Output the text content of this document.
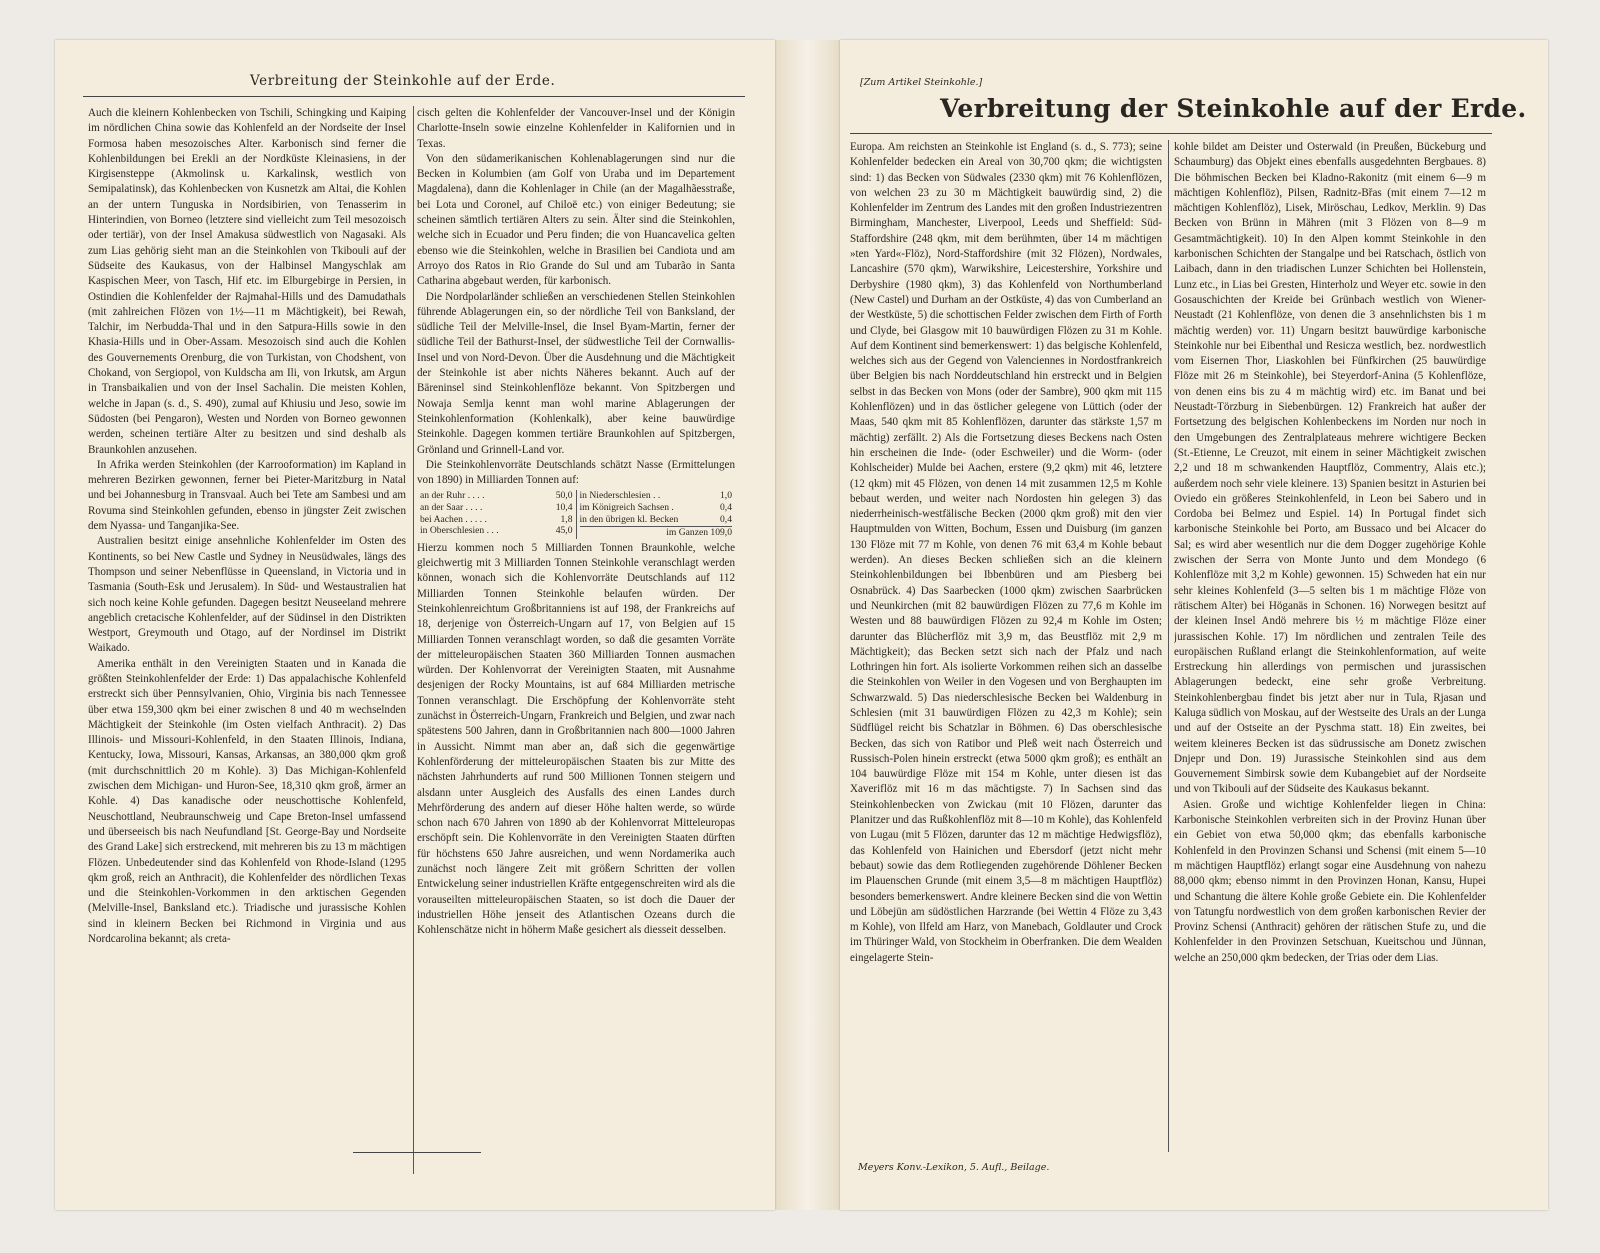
Verbreitung der Steinkohle auf der Erde.

Auch die kleinern Kohlenbecken von Tschili, Schingking und Kaiping im nördlichen China sowie das Kohlenfeld an der Nordseite der Insel Formosa haben mesozoisches Alter. Karbonisch sind ferner die Kohlenbildungen bei Erekli an der Nordküste Kleinasiens, in der Kirgisensteppe (Akmolinsk u. Karkalinsk, westlich von Semipalatinsk), das Kohlenbecken von Kusnetzk am Altai, die Kohlen an der untern Tunguska in Nordsibirien, von Tenasserim in Hinterindien, von Borneo (letztere sind vielleicht zum Teil mesozoisch oder tertiär), von der Insel Amakusa südwestlich von Nagasaki. Als zum Lias gehörig sieht man an die Steinkohlen von Tkibouli auf der Südseite des Kaukasus, von der Halbinsel Mangyschlak am Kaspischen Meer, von Tasch, Hif etc. im Elburgebirge in Persien, in Ostindien die Kohlenfelder der Rajmahal-Hills und des Damudathals (mit zahlreichen Flözen von 1½—11 m Mächtigkeit), bei Rewah, Talchir, im Nerbudda-Thal und in den Satpura-Hills sowie in den Khasia-Hills und in Ober-Assam. Mesozoisch sind auch die Kohlen des Gouvernements Orenburg, die von Turkistan, von Chodshent, von Chokand, von Sergiopol, von Kuldscha am Ili, von Irkutsk, am Argun in Transbaikalien und von der Insel Sachalin. Die meisten Kohlen, welche in Japan (s. d., S. 490), zumal auf Khiusiu und Jeso, sowie im Südosten (bei Pengaron), Westen und Norden von Borneo gewonnen werden, scheinen tertiäre Alter zu besitzen und sind deshalb als Braunkohlen anzusehen.

In Afrika werden Steinkohlen (der Karrooformation) im Kapland in mehreren Bezirken gewonnen, ferner bei Pieter-Maritzburg in Natal und bei Johannesburg in Transvaal. Auch bei Tete am Sambesi und am Rovuma sind Steinkohlen gefunden, ebenso in jüngster Zeit zwischen dem Nyassa- und Tanganjika-See.

Australien besitzt einige ansehnliche Kohlenfelder im Osten des Kontinents, so bei New Castle und Sydney in Neusüdwales, längs des Thompson und seiner Nebenflüsse in Queensland, in Victoria und in Tasmania (South-Esk und Jerusalem). In Süd- und Westaustralien hat sich noch keine Kohle gefunden. Dagegen besitzt Neuseeland mehrere angeblich cretacische Kohlenfelder, auf der Südinsel in den Distrikten Westport, Greymouth und Otago, auf der Nordinsel im Distrikt Waikado.

Amerika enthält in den Vereinigten Staaten und in Kanada die größten Steinkohlenfelder der Erde: 1) Das appalachische Kohlenfeld erstreckt sich über Pennsylvanien, Ohio, Virginia bis nach Tennessee über etwa 159,300 qkm bei einer zwischen 8 und 40 m wechselnden Mächtigkeit der Steinkohle (im Osten vielfach Anthracit). 2) Das Illinois- und Missouri-Kohlenfeld, in den Staaten Illinois, Indiana, Kentucky, Iowa, Missouri, Kansas, Arkansas, an 380,000 qkm groß (mit durchschnittlich 20 m Kohle). 3) Das Michigan-Kohlenfeld zwischen dem Michigan- und Huron-See, 18,310 qkm groß, ärmer an Kohle. 4) Das kanadische oder neuschottische Kohlenfeld, Neuschottland, Neubraunschweig und Cape Breton-Insel umfassend und überseeisch bis nach Neufundland [St. George-Bay und Nordseite des Grand Lake] sich erstreckend, mit mehreren bis zu 13 m mächtigen Flözen. Unbedeutender sind das Kohlenfeld von Rhode-Island (1295 qkm groß, reich an Anthracit), die Kohlenfelder des nördlichen Texas und die Steinkohlen-Vorkommen in den arktischen Gegenden (Melville-Insel, Banksland etc.). Triadische und jurassische Kohlen sind in kleinern Becken bei Richmond in Virginia und aus Nordcarolina bekannt; als creta-

cisch gelten die Kohlenfelder der Vancouver-Insel und der Königin Charlotte-Inseln sowie einzelne Kohlenfelder in Kalifornien und in Texas.

Von den südamerikanischen Kohlenablagerungen sind nur die Becken in Kolumbien (am Golf von Uraba und im Departement Magdalena), dann die Kohlenlager in Chile (an der Magalhãesstraße, bei Lota und Coronel, auf Chiloë etc.) von einiger Bedeutung; sie scheinen sämtlich tertiären Alters zu sein. Älter sind die Steinkohlen, welche sich in Ecuador und Peru finden; die von Huancavelica gelten ebenso wie die Steinkohlen, welche in Brasilien bei Candiota und am Arroyo dos Ratos in Rio Grande do Sul und am Tubarão in Santa Catharina abgebaut werden, für karbonisch.

Die Nordpolarländer schließen an verschiedenen Stellen Steinkohlen führende Ablagerungen ein, so der nördliche Teil von Banksland, der südliche Teil der Melville-Insel, die Insel Byam-Martin, ferner der südliche Teil der Bathurst-Insel, der südwestliche Teil der Cornwallis-Insel und von Nord-Devon. Über die Ausdehnung und die Mächtigkeit der Steinkohle ist aber nichts Näheres bekannt. Auch auf der Bäreninsel sind Steinkohlenflöze bekannt. Von Spitzbergen und Nowaja Semlja kennt man wohl marine Ablagerungen der Steinkohlenformation (Kohlenkalk), aber keine bauwürdige Steinkohle. Dagegen kommen tertiäre Braunkohlen auf Spitzbergen, Grönland und Grinnell-Land vor.

Die Steinkohlenvorräte Deutschlands schätzt Nasse (Ermittelungen von 1890) in Milliarden Tonnen auf:

an der Ruhr . . . .	50,0
an der Saar . . . .	10,4
bei Aachen . . . . .	1,8
in Oberschlesien . . .	45,0
in Niederschlesien . .	1,0
im Königreich Sachsen .	0,4
in den übrigen kl. Becken	0,4
im Ganzen 109,0

Hierzu kommen noch 5 Milliarden Tonnen Braunkohle, welche gleichwertig mit 3 Milliarden Tonnen Steinkohle veranschlagt werden können, wonach sich die Kohlenvorräte Deutschlands auf 112 Milliarden Tonnen Steinkohle belaufen würden. Der Steinkohlenreichtum Großbritanniens ist auf 198, der Frankreichs auf 18, derjenige von Österreich-Ungarn auf 17, von Belgien auf 15 Milliarden Tonnen veranschlagt worden, so daß die gesamten Vorräte der mitteleuropäischen Staaten 360 Milliarden Tonnen ausmachen würden. Der Kohlenvorrat der Vereinigten Staaten, mit Ausnahme desjenigen der Rocky Mountains, ist auf 684 Milliarden metrische Tonnen veranschlagt. Die Erschöpfung der Kohlenvorräte steht zunächst in Österreich-Ungarn, Frankreich und Belgien, und zwar nach spätestens 500 Jahren, dann in Großbritannien nach 800—1000 Jahren in Aussicht. Nimmt man aber an, daß sich die gegenwärtige Kohlenförderung der mitteleuropäischen Staaten bis zur Mitte des nächsten Jahrhunderts auf rund 500 Millionen Tonnen steigern und alsdann unter Ausgleich des Ausfalls des einen Landes durch Mehrförderung des andern auf dieser Höhe halten werde, so würde schon nach 670 Jahren von 1890 ab der Kohlenvorrat Mitteleuropas erschöpft sein. Die Kohlenvorräte in den Vereinigten Staaten dürften für höchstens 650 Jahre ausreichen, und wenn Nordamerika auch zunächst noch längere Zeit mit größern Schritten der vollen Entwickelung seiner industriellen Kräfte entgegenschreiten wird als die vorauseilten mitteleuropäischen Staaten, so ist doch die Dauer der industriellen Höhe jenseit des Atlantischen Ozeans durch die Kohlenschätze nicht in höherm Maße gesichert als diesseit desselben.

[Zum Artikel Steinkohle.]
Verbreitung der Steinkohle auf der Erde.

Europa. Am reichsten an Steinkohle ist England (s. d., S. 773); seine Kohlenfelder bedecken ein Areal von 30,700 qkm; die wichtigsten sind: 1) das Becken von Südwales (2330 qkm) mit 76 Kohlenflözen, von welchen 23 zu 30 m Mächtigkeit bauwürdig sind, 2) die Kohlenfelder im Zentrum des Landes mit den großen Industriezentren Birmingham, Manchester, Liverpool, Leeds und Sheffield: Süd-Staffordshire (248 qkm, mit dem berühmten, über 14 m mächtigen »ten Yard«-Flöz), Nord-Staffordshire (mit 32 Flözen), Nordwales, Lancashire (570 qkm), Warwikshire, Leicestershire, Yorkshire und Derbyshire (1980 qkm), 3) das Kohlenfeld von Northumberland (New Castel) und Durham an der Ostküste, 4) das von Cumberland an der Westküste, 5) die schottischen Felder zwischen dem Firth of Forth und Clyde, bei Glasgow mit 10 bauwürdigen Flözen zu 31 m Kohle. Auf dem Kontinent sind bemerkenswert: 1) das belgische Kohlenfeld, welches sich aus der Gegend von Valenciennes in Nordostfrankreich über Belgien bis nach Norddeutschland hin erstreckt und in Belgien selbst in das Becken von Mons (oder der Sambre), 900 qkm mit 115 Kohlenflözen) und in das östlicher gelegene von Lüttich (oder der Maas, 540 qkm mit 85 Kohlenflözen, darunter das stärkste 1,57 m mächtig) zerfällt. 2) Als die Fortsetzung dieses Beckens nach Osten hin erscheinen die Inde- (oder Eschweiler) und die Worm- (oder Kohlscheider) Mulde bei Aachen, erstere (9,2 qkm) mit 46, letztere (12 qkm) mit 45 Flözen, von denen 14 mit zusammen 12,5 m Kohle bebaut werden, und weiter nach Nordosten hin gelegen 3) das niederrheinisch-westfälische Becken (2000 qkm groß) mit den vier Hauptmulden von Witten, Bochum, Essen und Duisburg (im ganzen 130 Flöze mit 77 m Kohle, von denen 76 mit 63,4 m Kohle bebaut werden). An dieses Becken schließen sich an die kleinern Steinkohlenbildungen bei Ibbenbüren und am Piesberg bei Osnabrück. 4) Das Saarbecken (1000 qkm) zwischen Saarbrücken und Neunkirchen (mit 82 bauwürdigen Flözen zu 77,6 m Kohle im Westen und 88 bauwürdigen Flözen zu 92,4 m Kohle im Osten; darunter das Blücherflöz mit 3,9 m, das Beustflöz mit 2,9 m Mächtigkeit); das Becken setzt sich nach der Pfalz und nach Lothringen hin fort. Als isolierte Vorkommen reihen sich an dasselbe die Steinkohlen von Weiler in den Vogesen und von Berghaupten im Schwarzwald. 5) Das niederschlesische Becken bei Waldenburg in Schlesien (mit 31 bauwürdigen Flözen zu 42,3 m Kohle); sein Südflügel reicht bis Schatzlar in Böhmen. 6) Das oberschlesische Becken, das sich von Ratibor und Pleß weit nach Österreich und Russisch-Polen hinein erstreckt (etwa 5000 qkm groß); es enthält an 104 bauwürdige Flöze mit 154 m Kohle, unter diesen ist das Xaveriflöz mit 16 m das mächtigste. 7) In Sachsen sind das Steinkohlenbecken von Zwickau (mit 10 Flözen, darunter das Planitzer und das Rußkohlenflöz mit 8—10 m Kohle), das Kohlenfeld von Lugau (mit 5 Flözen, darunter das 12 m mächtige Hedwigsflöz), das Kohlenfeld von Hainichen und Ebersdorf (jetzt nicht mehr bebaut) sowie das dem Rotliegenden zugehörende Döhlener Becken im Plauenschen Grunde (mit einem 3,5—8 m mächtigen Hauptflöz) besonders bemerkenswert. Andre kleinere Becken sind die von Wettin und Löbejün am südöstlichen Harzrande (bei Wettin 4 Flöze zu 3,43 m Kohle), von Ilfeld am Harz, von Manebach, Goldlauter und Crock im Thüringer Wald, von Stockheim in Oberfranken. Die dem Wealden eingelagerte Stein-

kohle bildet am Deister und Osterwald (in Preußen, Bückeburg und Schaumburg) das Objekt eines ebenfalls ausgedehnten Bergbaues. 8) Die böhmischen Becken bei Kladno-Rakonitz (mit einem 6—9 m mächtigen Kohlenflöz), Pilsen, Radnitz-Břas (mit einem 7—12 m mächtigen Kohlenflöz), Lisek, Miröschau, Ledkov, Merklin. 9) Das Becken von Brünn in Mähren (mit 3 Flözen von 8—9 m Gesamtmächtigkeit). 10) In den Alpen kommt Steinkohle in den karbonischen Schichten der Stangalpe und bei Ratschach, östlich von Laibach, dann in den triadischen Lunzer Schichten bei Hollenstein, Lunz etc., in Lias bei Gresten, Hinterholz und Weyer etc. sowie in den Gosauschichten der Kreide bei Grünbach westlich von Wiener-Neustadt (21 Kohlenflöze, von denen die 3 ansehnlichsten bis 1 m mächtig werden) vor. 11) Ungarn besitzt bauwürdige karbonische Steinkohle nur bei Eibenthal und Resicza westlich, bez. nordwestlich vom Eisernen Thor, Liaskohlen bei Fünfkirchen (25 bauwürdige Flöze mit 26 m Steinkohle), bei Steyerdorf-Anina (5 Kohlenflöze, von denen eins bis zu 4 m mächtig wird) etc. im Banat und bei Neustadt-Törzburg in Siebenbürgen. 12) Frankreich hat außer der Fortsetzung des belgischen Kohlenbeckens im Norden nur noch in den Umgebungen des Zentralplateaus mehrere wichtigere Becken (St.-Etienne, Le Creuzot, mit einem in seiner Mächtigkeit zwischen 2,2 und 18 m schwankenden Hauptflöz, Commentry, Alais etc.); außerdem noch sehr viele kleinere. 13) Spanien besitzt in Asturien bei Oviedo ein größeres Steinkohlenfeld, in Leon bei Sabero und in Cordoba bei Belmez und Espiel. 14) In Portugal findet sich karbonische Steinkohle bei Porto, am Bussaco und bei Alcacer do Sal; es wird aber wesentlich nur die dem Dogger zugehörige Kohle zwischen der Serra von Monte Junto und dem Mondego (6 Kohlenflöze mit 3,2 m Kohle) gewonnen. 15) Schweden hat ein nur sehr kleines Kohlenfeld (3—5 selten bis 1 m mächtige Flöze von rätischem Alter) bei Höganäs in Schonen. 16) Norwegen besitzt auf der kleinen Insel Andö mehrere bis ½ m mächtige Flöze einer jurassischen Kohle. 17) Im nördlichen und zentralen Teile des europäischen Rußland erlangt die Steinkohlenformation, auf weite Erstreckung hin allerdings von permischen und jurassischen Ablagerungen bedeckt, eine sehr große Verbreitung. Steinkohlenbergbau findet bis jetzt aber nur in Tula, Rjasan und Kaluga südlich von Moskau, auf der Westseite des Urals an der Lunga und auf der Ostseite an der Pyschma statt. 18) Ein zweites, bei weitem kleineres Becken ist das südrussische am Donetz zwischen Dnjepr und Don. 19) Jurassische Steinkohlen sind aus dem Gouvernement Simbirsk sowie dem Kubangebiet auf der Nordseite und von Tkibouli auf der Südseite des Kaukasus bekannt.

Asien. Große und wichtige Kohlenfelder liegen in China: Karbonische Steinkohlen verbreiten sich in der Provinz Hunan über ein Gebiet von etwa 50,000 qkm; das ebenfalls karbonische Kohlenfeld in den Provinzen Schansi und Schensi (mit einem 5—10 m mächtigen Hauptflöz) erlangt sogar eine Ausdehnung von nahezu 88,000 qkm; ebenso nimmt in den Provinzen Honan, Kansu, Hupei und Schantung die ältere Kohle große Gebiete ein. Die Kohlenfelder von Tatungfu nordwestlich von dem großen karbonischen Revier der Provinz Schensi (Anthracit) gehören der rätischen Stufe zu, und die Kohlenfelder in den Provinzen Setschuan, Kueitschou und Jünnan, welche an 250,000 qkm bedecken, der Trias oder dem Lias.

Meyers Konv.-Lexikon, 5. Aufl., Beilage.
